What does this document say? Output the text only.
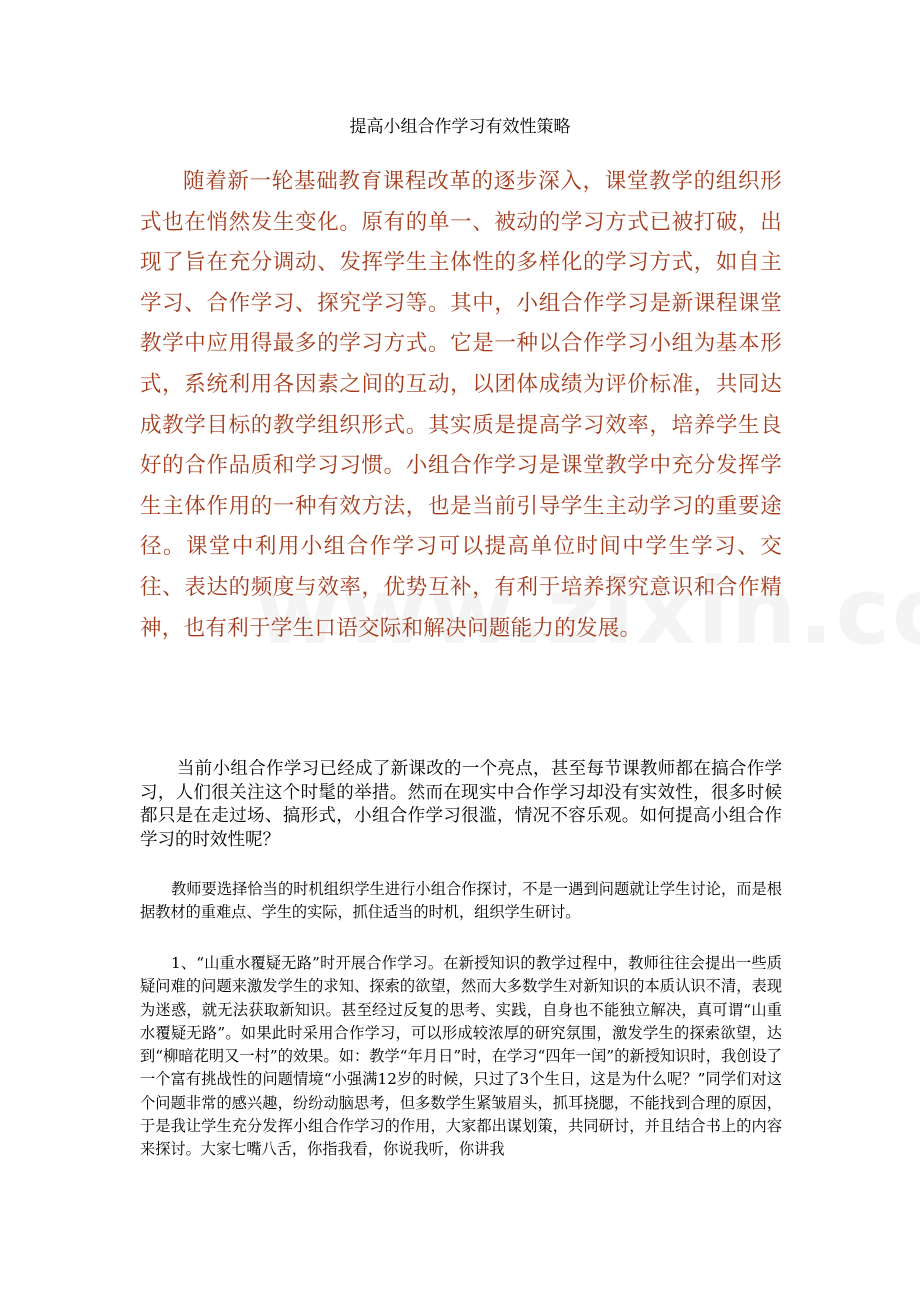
提高小组合作学习有效性策略

随着新一轮基础教育课程改革的逐步深入，课堂教学的组织形式也在悄然发生变化。原有的单一、被动的学习方式已被打破，出现了旨在充分调动、发挥学生主体性的多样化的学习方式，如自主学习、合作学习、探究学习等。其中，小组合作学习是新课程课堂教学中应用得最多的学习方式。它是一种以合作学习小组为基本形式，系统利用各因素之间的互动，以团体成绩为评价标准，共同达成教学目标的教学组织形式。其实质是提高学习效率，培养学生良好的合作品质和学习习惯。小组合作学习是课堂教学中充分发挥学生主体作用的一种有效方法，也是当前引导学生主动学习的重要途径。课堂中利用小组合作学习可以提高单位时间中学生学习、交往、表达的频度与效率，优势互补，有利于培养探究意识和合作精神，也有利于学生口语交际和解决问题能力的发展。

当前小组合作学习已经成了新课改的一个亮点，甚至每节课教师都在搞合作学习，人们很关注这个时髦的举措。然而在现实中合作学习却没有实效性，很多时候都只是在走过场、搞形式，小组合作学习很滥，情况不容乐观。如何提高小组合作学习的时效性呢？

教师要选择恰当的时机组织学生进行小组合作探讨，不是一遇到问题就让学生讨论，而是根据教材的重难点、学生的实际，抓住适当的时机，组织学生研讨。

1、“山重水覆疑无路”时开展合作学习。在新授知识的教学过程中，教师往往会提出一些质疑问难的问题来激发学生的求知、探索的欲望，然而大多数学生对新知识的本质认识不清，表现为迷惑，就无法获取新知识。甚至经过反复的思考、实践，自身也不能独立解决，真可谓“山重水覆疑无路”。如果此时采用合作学习，可以形成较浓厚的研究氛围，激发学生的探索欲望，达到“柳暗花明又一村”的效果。如：教学“年月日”时，在学习“四年一闰”的新授知识时，我创设了一个富有挑战性的问题情境“小强满12岁的时候，只过了3个生日，这是为什么呢？”同学们对这个问题非常的感兴趣，纷纷动脑思考，但多数学生紧皱眉头，抓耳挠腮，不能找到合理的原因，于是我让学生充分发挥小组合作学习的作用，大家都出谋划策，共同研讨，并且结合书上的内容来探讨。大家七嘴八舌，你指我看，你说我听，你讲我
